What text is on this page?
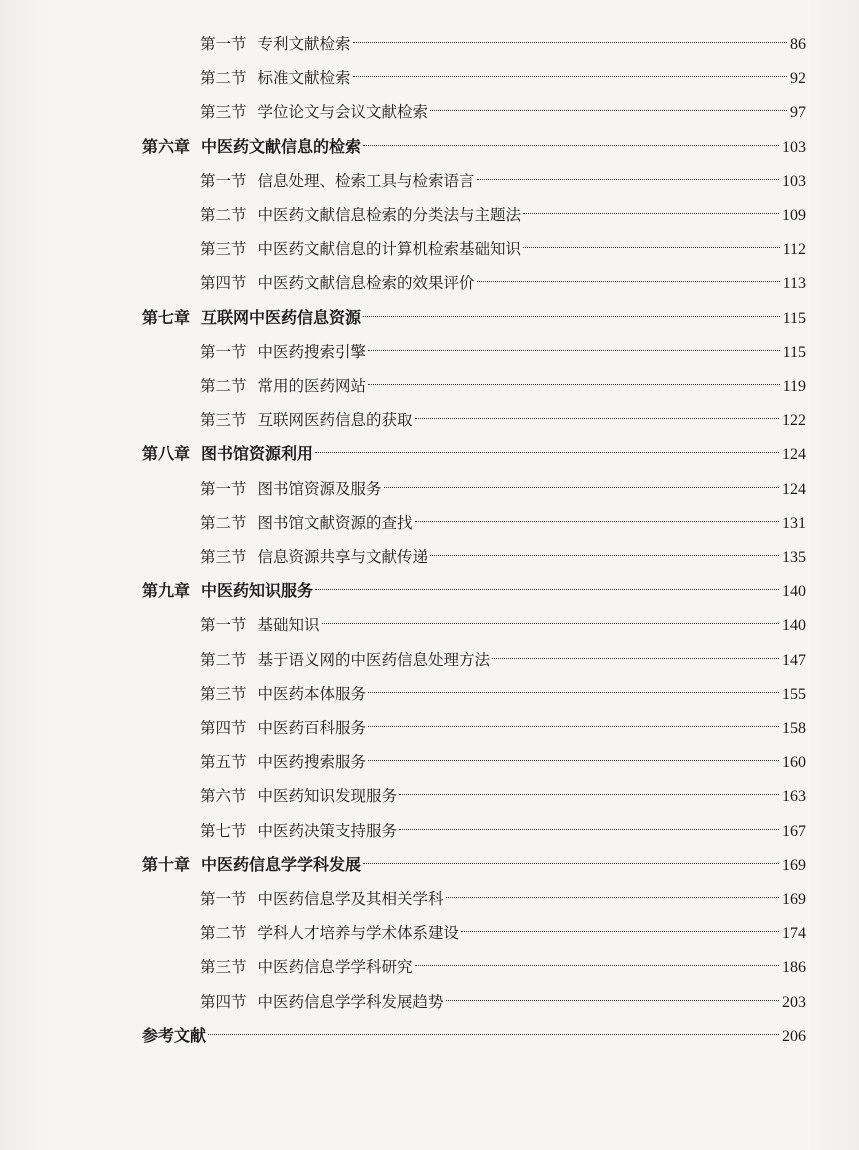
第一节 专利文献检索	86
第二节 标准文献检索	92
第三节 学位论文与会议文献检索	97
第六章 中医药文献信息的检索	103
第一节 信息处理、检索工具与检索语言	103
第二节 中医药文献信息检索的分类法与主题法	109
第三节 中医药文献信息的计算机检索基础知识	112
第四节 中医药文献信息检索的效果评价	113
第七章 互联网中医药信息资源	115
第一节 中医药搜索引擎	115
第二节 常用的医药网站	119
第三节 互联网医药信息的获取	122
第八章 图书馆资源利用	124
第一节 图书馆资源及服务	124
第二节 图书馆文献资源的查找	131
第三节 信息资源共享与文献传递	135
第九章 中医药知识服务	140
第一节 基础知识	140
第二节 基于语义网的中医药信息处理方法	147
第三节 中医药本体服务	155
第四节 中医药百科服务	158
第五节 中医药搜索服务	160
第六节 中医药知识发现服务	163
第七节 中医药决策支持服务	167
第十章 中医药信息学学科发展	169
第一节 中医药信息学及其相关学科	169
第二节 学科人才培养与学术体系建设	174
第三节 中医药信息学学科研究	186
第四节 中医药信息学学科发展趋势	203
参考文献	206
